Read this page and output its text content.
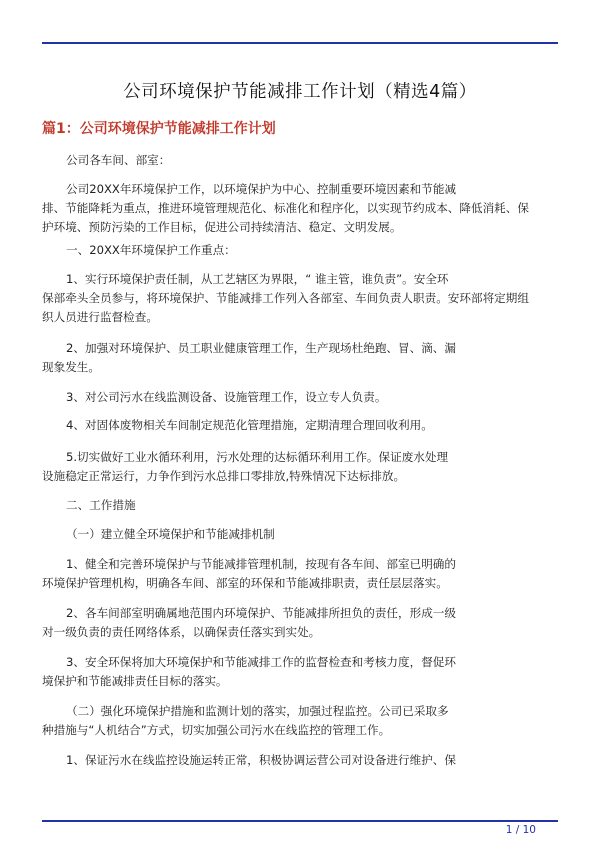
公司环境保护节能减排工作计划（精选4篇）
篇1：公司环境保护节能减排工作计划
公司各车间、部室：
公司20XX年环境保护工作，以环境保护为中心、控制重要环境因素和节能减
排、节能降耗为重点，推进环境管理规范化、标准化和程序化，以实现节约成本、降低消耗、保
护环境、预防污染的工作目标，促进公司持续清洁、稳定、文明发展。
一、20XX年环境保护工作重点：
1、实行环境保护责任制，从工艺辖区为界限，“ 谁主管，谁负责”。安全环
保部牵头全员参与，将环境保护、节能减排工作列入各部室、车间负责人职责。安环部将定期组
织人员进行监督检查。
2、加强对环境保护、员工职业健康管理工作，生产现场杜绝跑、冒、滴、漏
现象发生。
3、对公司污水在线监测设备、设施管理工作，设立专人负责。
4、对固体废物相关车间制定规范化管理措施，定期清理合理回收利用。
5.切实做好工业水循环利用，污水处理的达标循环利用工作。保证废水处理
设施稳定正常运行，力争作到污水总排口零排放,特殊情况下达标排放。
二、工作措施
（一）建立健全环境保护和节能减排机制
1、健全和完善环境保护与节能减排管理机制，按现有各车间、部室已明确的
环境保护管理机构，明确各车间、部室的环保和节能减排职责，责任层层落实。
2、各车间部室明确属地范围内环境保护、节能减排所担负的责任，形成一级
对一级负责的责任网络体系，以确保责任落实到实处。
3、安全环保将加大环境保护和节能减排工作的监督检查和考核力度，督促环
境保护和节能减排责任目标的落实。
（二）强化环境保护措施和监测计划的落实，加强过程监控。公司已采取多
种措施与“人机结合”方式，切实加强公司污水在线监控的管理工作。
1、保证污水在线监控设施运转正常，积极协调运营公司对设备进行维护、保
1 / 10
